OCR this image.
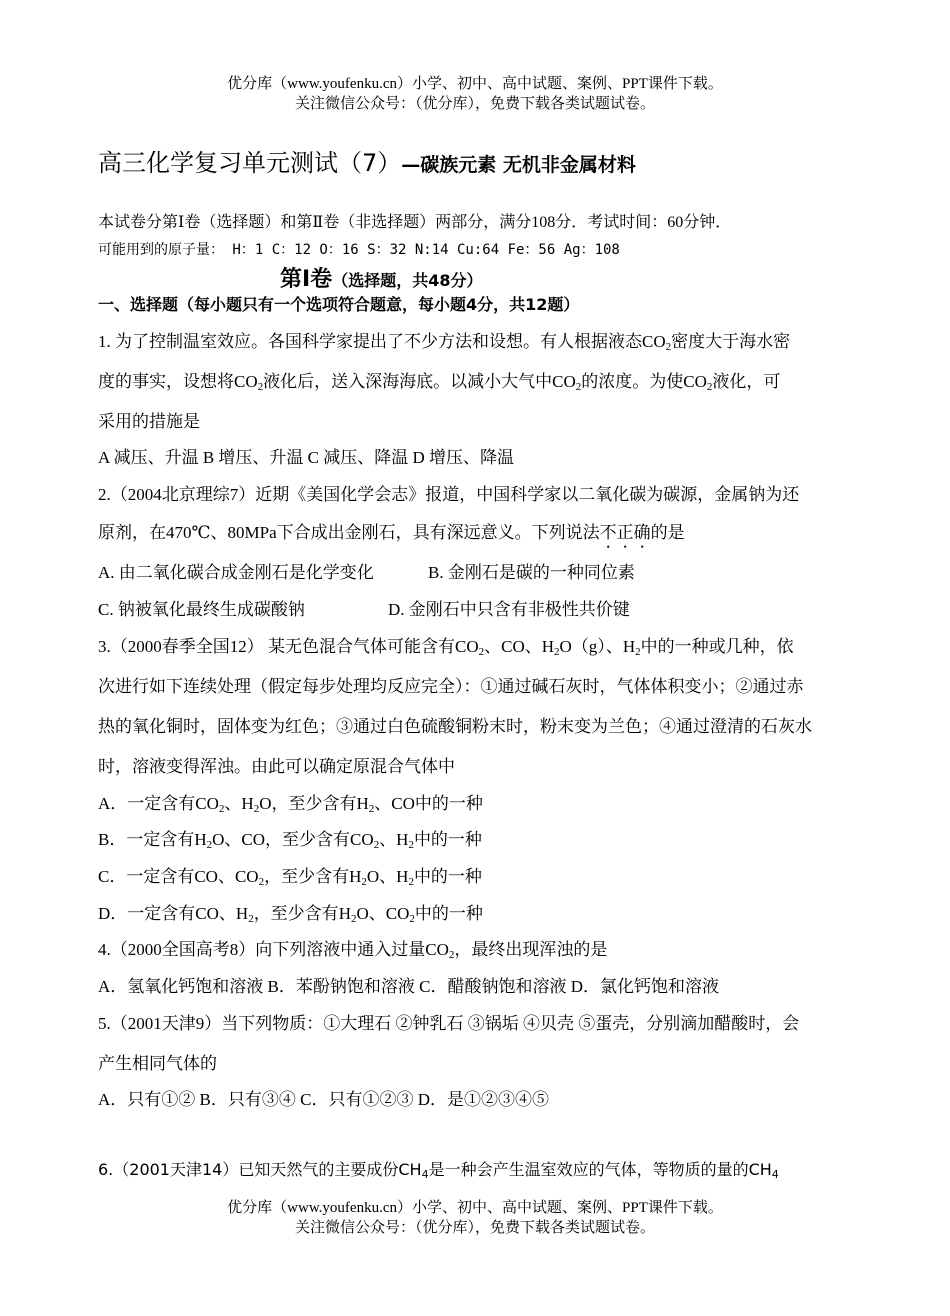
优分库（www.youfenku.cn）小学、初中、高中试题、案例、PPT课件下载。
关注微信公众号：（优分库），免费下载各类试题试卷。
高三化学复习单元测试（7）—碳族元素 无机非金属材料
本试卷分第Ⅰ卷（选择题）和第Ⅱ卷（非选择题）两部分，满分108分．考试时间：60分钟．
可能用到的原子量： H：1 C：12 O：16 S：32 N:14 Cu:64 Fe：56 Ag：108
第Ⅰ卷（选择题，共48分）
一、选择题（每小题只有一个选项符合题意，每小题4分，共12题）
1. 为了控制温室效应。各国科学家提出了不少方法和设想。有人根据液态$CO_2$密度大于海水密
度的事实，设想将$CO_2$液化后，送入深海海底。以减小大气中$CO_2$的浓度。为使$CO_2$液化，可
采用的措施是
A 减压、升温 B 增压、升温 C 减压、降温 D 增压、降温
2.（2004北京理综7）近期《美国化学会志》报道，中国科学家以二氧化碳为碳源，金属钠为还
原剂，在470℃、80MPa下合成出金刚石，具有深远意义。下列说法不正确的是
A. 由二氧化碳合成金刚石是化学变化	B. 金刚石是碳的一种同位素
C. 钠被氧化最终生成碳酸钠	D. 金刚石中只含有非极性共价键
3.（2000春季全国12） 某无色混合气体可能含有$CO_2$、CO、$H_2O(g)$、$H_2$中的一种或几种，依
次进行如下连续处理（假定每步处理均反应完全）：①通过碱石灰时，气体体积变小；②通过赤
热的氧化铜时，固体变为红色；③通过白色硫酸铜粉末时，粉末变为兰色；④通过澄清的石灰水
时，溶液变得浑浊。由此可以确定原混合气体中
A．一定含有$CO_2$、$H_2O$，至少含有$H_2$、CO中的一种
B．一定含有$H_2O$、CO，至少含有$CO_2$、$H_2$中的一种
C．一定含有CO、$CO_2$，至少含有$H_2O$、$H_2$中的一种
D．一定含有CO、$H_2$，至少含有$H_2O$、$CO_2$中的一种
4.（2000全国高考8）向下列溶液中通入过量$CO_2$，最终出现浑浊的是
A．氢氧化钙饱和溶液 B．苯酚钠饱和溶液 C．醋酸钠饱和溶液 D．氯化钙饱和溶液
5.（2001天津9）当下列物质：①大理石 ②钟乳石 ③锅垢 ④贝壳 ⑤蛋壳，分别滴加醋酸时，会
产生相同气体的
A．只有①② B．只有③④ C．只有①②③ D．是①②③④⑤
6.（2001天津14）已知天然气的主要成份$CH_4$是一种会产生温室效应的气体，等物质的量的$CH_4$
优分库（www.youfenku.cn）小学、初中、高中试题、案例、PPT课件下载。
关注微信公众号：（优分库），免费下载各类试题试卷。
